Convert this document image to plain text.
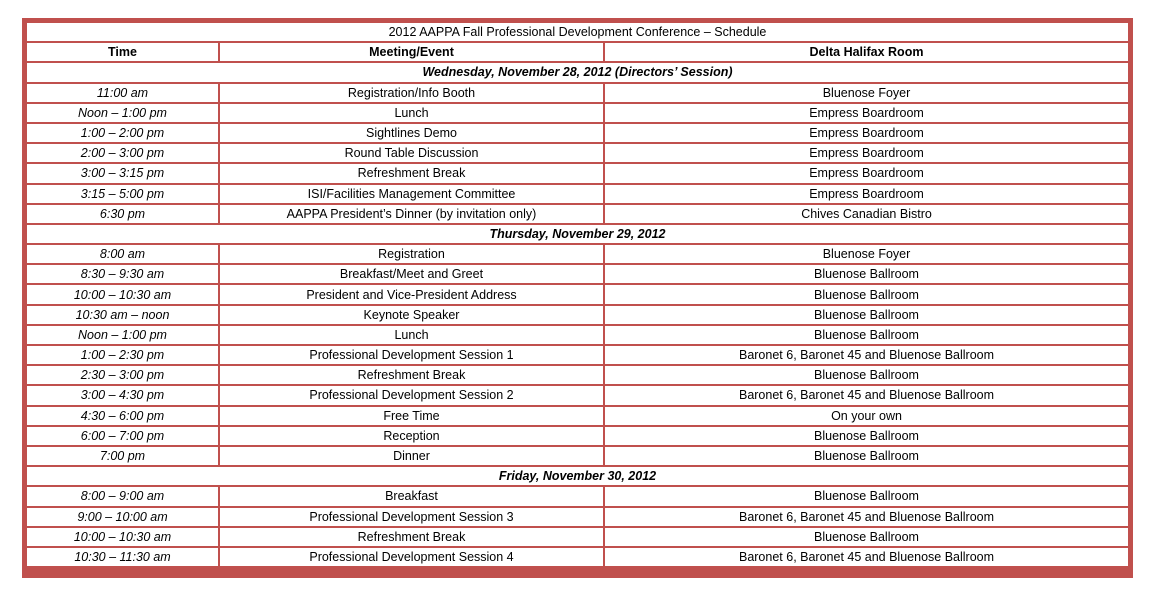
2012 AAPPA Fall Professional Development Conference – Schedule		
Time	Meeting/Event	Delta Halifax Room
Wednesday, November 28, 2012 (Directors’ Session)		
11:00 am	Registration/Info Booth	Bluenose Foyer
Noon – 1:00 pm	Lunch	Empress Boardroom
1:00 – 2:00 pm	Sightlines Demo	Empress Boardroom
2:00 – 3:00 pm	Round Table Discussion	Empress Boardroom
3:00 – 3:15 pm	Refreshment Break	Empress Boardroom
3:15 – 5:00 pm	ISI/Facilities Management Committee	Empress Boardroom
6:30 pm	AAPPA President’s Dinner (by invitation only)	Chives Canadian Bistro
Thursday, November 29, 2012		
8:00 am	Registration	Bluenose Foyer
8:30 – 9:30 am	Breakfast/Meet and Greet	Bluenose Ballroom
10:00 – 10:30 am	President and Vice-President Address	Bluenose Ballroom
10:30 am – noon	Keynote Speaker	Bluenose Ballroom
Noon – 1:00 pm	Lunch	Bluenose Ballroom
1:00 – 2:30 pm	Professional Development Session 1	Baronet 6, Baronet 45 and Bluenose Ballroom
2:30 – 3:00 pm	Refreshment Break	Bluenose Ballroom
3:00 – 4:30 pm	Professional Development Session 2	Baronet 6, Baronet 45 and Bluenose Ballroom
4:30 – 6:00 pm	Free Time	On your own
6:00 – 7:00 pm	Reception	Bluenose Ballroom
7:00 pm	Dinner	Bluenose Ballroom
Friday, November 30, 2012		
8:00 – 9:00 am	Breakfast	Bluenose Ballroom
9:00 – 10:00 am	Professional Development Session 3	Baronet 6, Baronet 45 and Bluenose Ballroom
10:00 – 10:30 am	Refreshment Break	Bluenose Ballroom
10:30 – 11:30 am	Professional Development Session 4	Baronet 6, Baronet 45 and Bluenose Ballroom
